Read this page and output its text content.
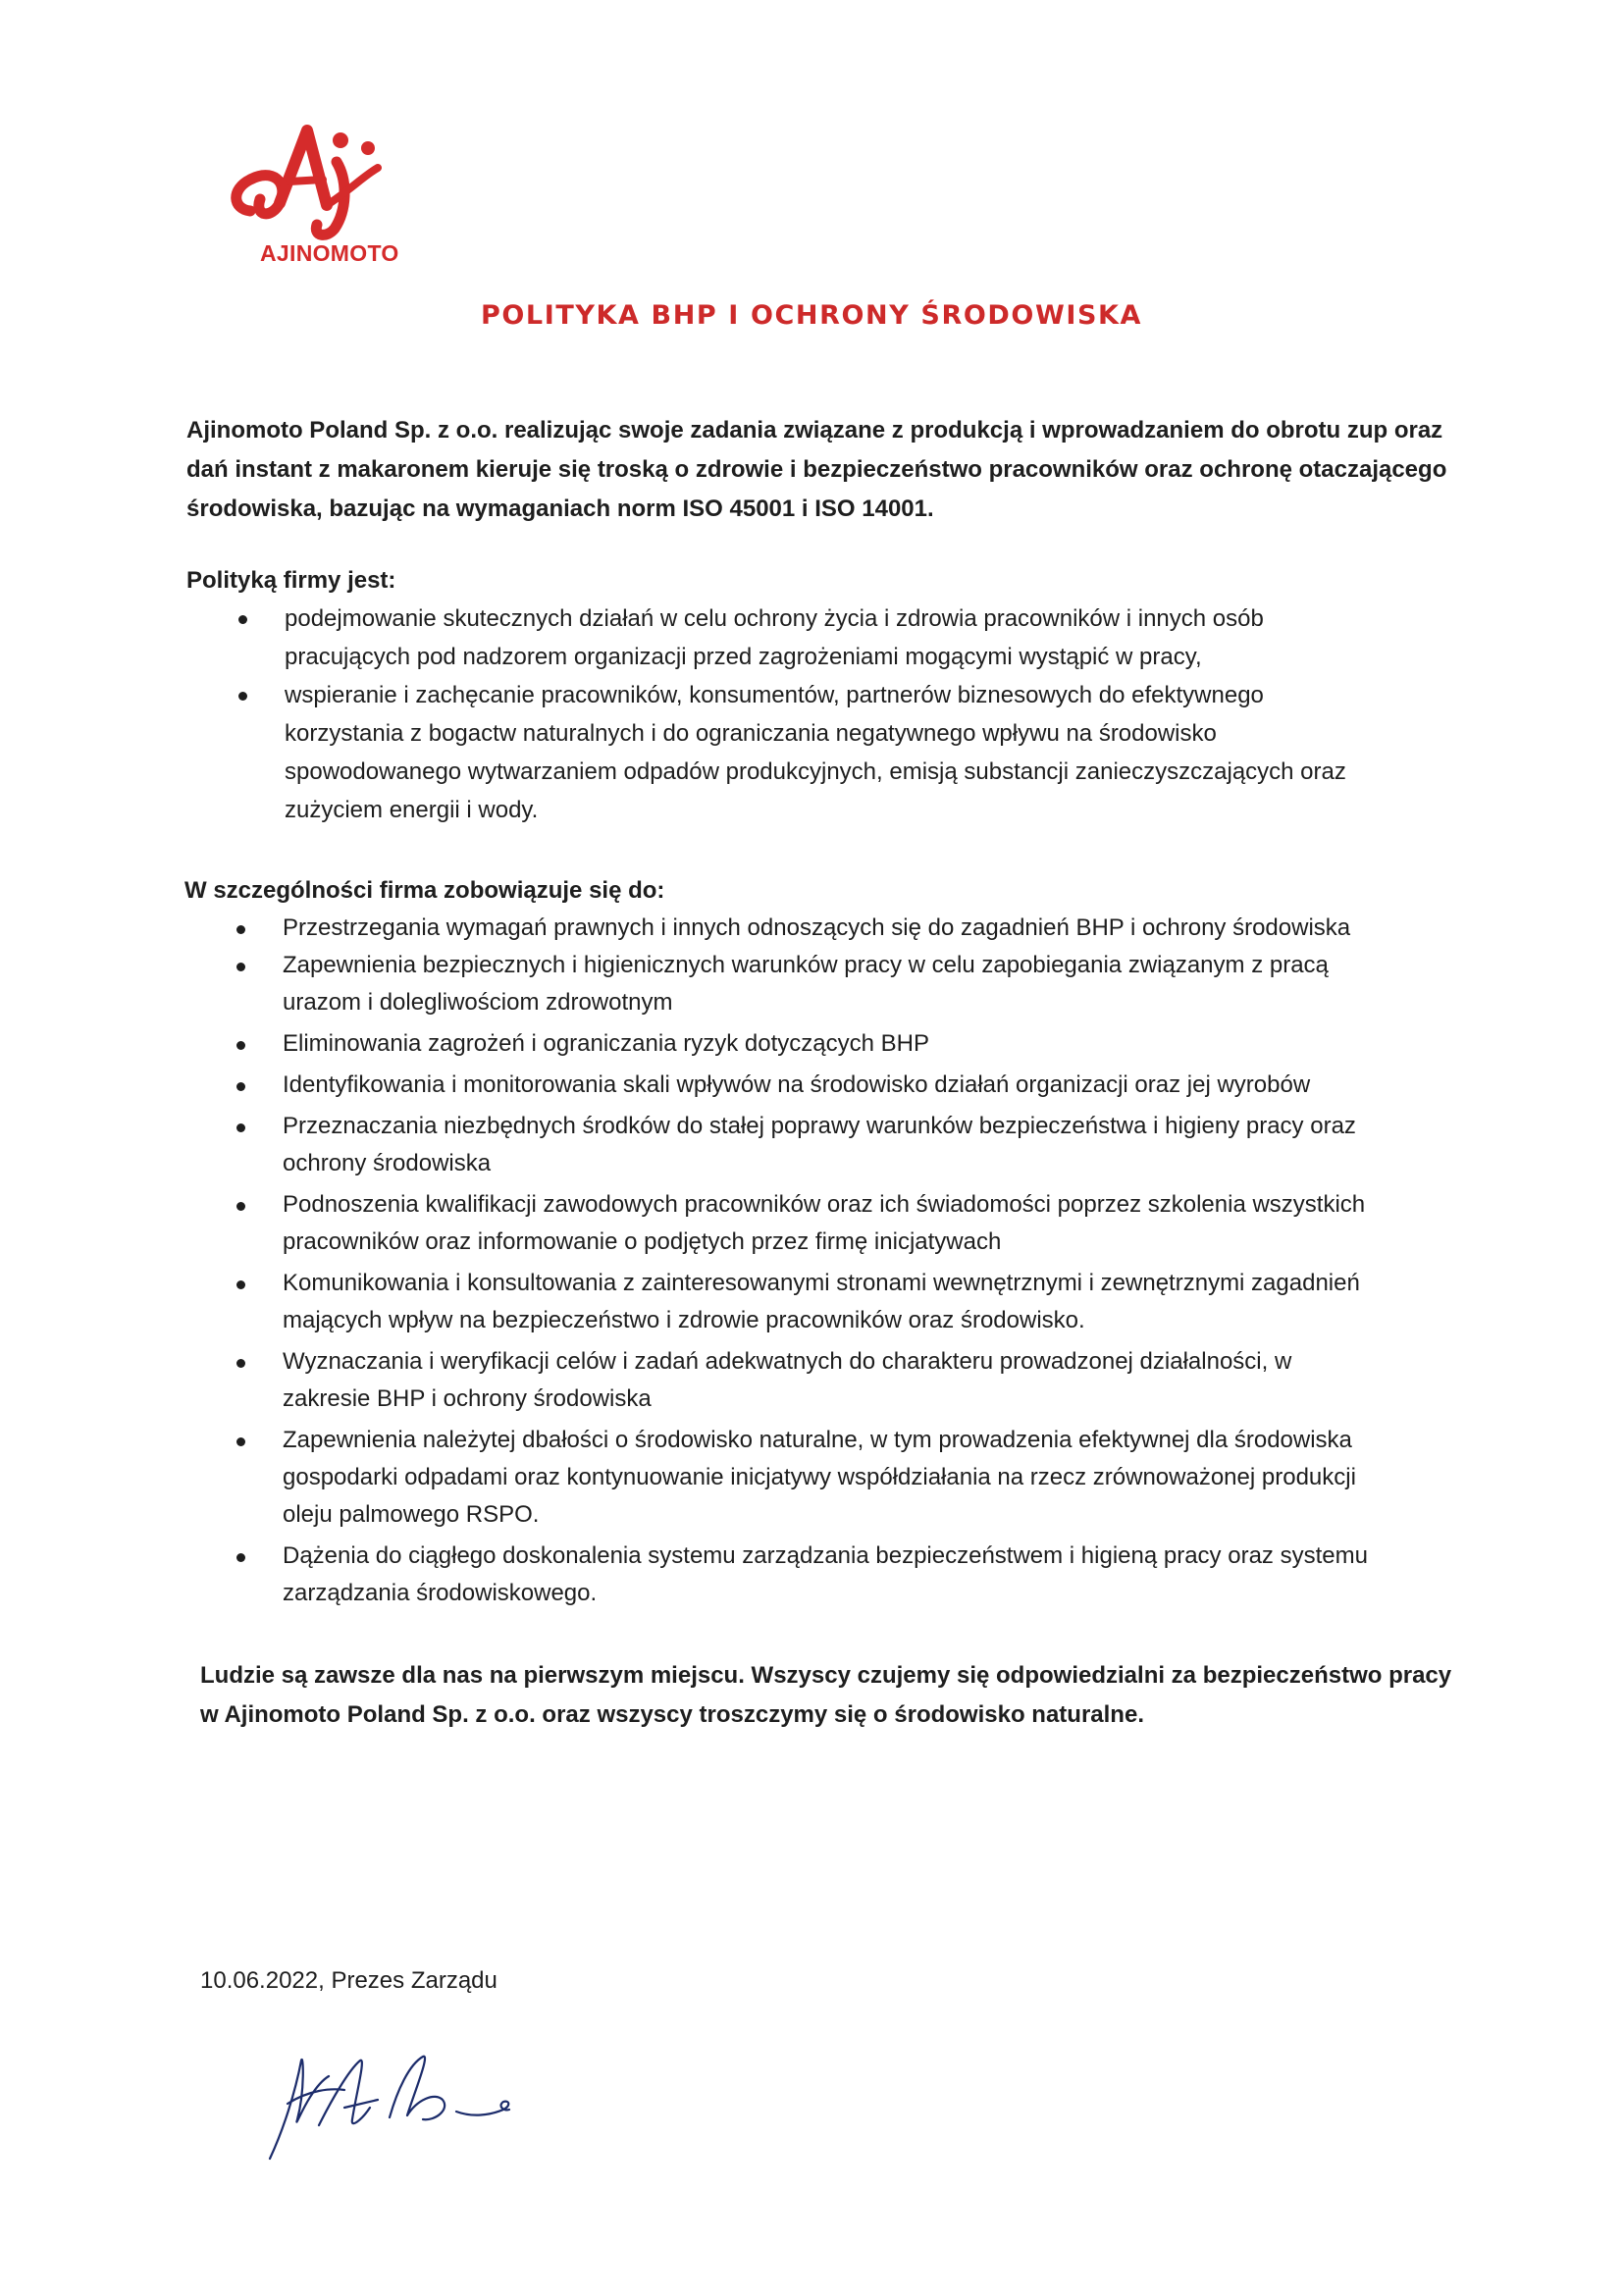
AJINOMOTO
POLITYKA BHP I OCHRONY ŚRODOWISKA
Ajinomoto Poland Sp. z o.o. realizując swoje zadania związane z produkcją i wprowadzaniem do obrotu zup oraz
dań instant z makaronem kieruje się troską o zdrowie i bezpieczeństwo pracowników oraz ochronę otaczającego
środowiska, bazując na wymaganiach norm ISO 45001 i ISO 14001.

Polityką firmy jest:

podejmowanie skutecznych działań w celu ochrony życia i zdrowia pracowników i innych osób
pracujących pod nadzorem organizacji przed zagrożeniami mogącymi wystąpić w pracy,
wspieranie i zachęcanie pracowników, konsumentów, partnerów biznesowych do efektywnego
korzystania z bogactw naturalnych i do ograniczania negatywnego wpływu na środowisko
spowodowanego wytwarzaniem odpadów produkcyjnych, emisją substancji zanieczyszczających oraz
zużyciem energii i wody.

W szczególności firma zobowiązuje się do:

Przestrzegania wymagań prawnych i innych odnoszących się do zagadnień BHP i ochrony środowiska
Zapewnienia bezpiecznych i higienicznych warunków pracy w celu zapobiegania związanym z pracą
urazom i dolegliwościom zdrowotnym
Eliminowania zagrożeń i ograniczania ryzyk dotyczących BHP
Identyfikowania i monitorowania skali wpływów na środowisko działań organizacji oraz jej wyrobów
Przeznaczania niezbędnych środków do stałej poprawy warunków bezpieczeństwa i higieny pracy oraz
ochrony środowiska
Podnoszenia kwalifikacji zawodowych pracowników oraz ich świadomości poprzez szkolenia wszystkich
pracowników oraz informowanie o podjętych przez firmę inicjatywach
Komunikowania i konsultowania z zainteresowanymi stronami wewnętrznymi i zewnętrznymi zagadnień
mających wpływ na bezpieczeństwo i zdrowie pracowników oraz środowisko.
Wyznaczania i weryfikacji celów i zadań adekwatnych do charakteru prowadzonej działalności, w
zakresie BHP i ochrony środowiska
Zapewnienia należytej dbałości o środowisko naturalne, w tym prowadzenia efektywnej dla środowiska
gospodarki odpadami oraz kontynuowanie inicjatywy współdziałania na rzecz zrównoważonej produkcji
oleju palmowego RSPO.
Dążenia do ciągłego doskonalenia systemu zarządzania bezpieczeństwem i higieną pracy oraz systemu
zarządzania środowiskowego.
Ludzie są zawsze dla nas na pierwszym miejscu. Wszyscy czujemy się odpowiedzialni za bezpieczeństwo pracy
w Ajinomoto Poland Sp. z o.o. oraz wszyscy troszczymy się o środowisko naturalne.
10.06.2022, Prezes Zarządu
